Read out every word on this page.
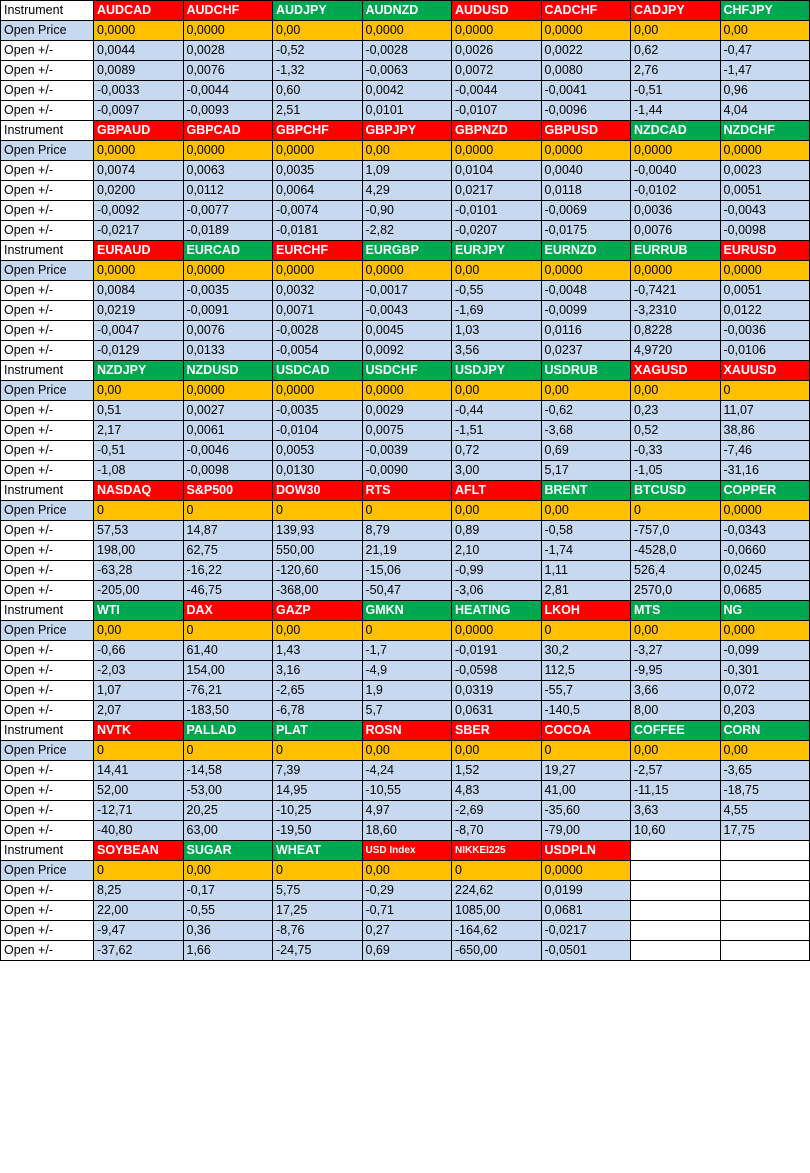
Instrument	AUDCAD	AUDCHF	AUDJPY	AUDNZD	AUDUSD	CADCHF	CADJPY	CHFJPY
Open Price	0,0000	0,0000	0,00	0,0000	0,0000	0,0000	0,00	0,00
Open +/-	0,0044	0,0028	-0,52	-0,0028	0,0026	0,0022	0,62	-0,47
Open +/-	0,0089	0,0076	-1,32	-0,0063	0,0072	0,0080	2,76	-1,47
Open +/-	-0,0033	-0,0044	0,60	0,0042	-0,0044	-0,0041	-0,51	0,96
Open +/-	-0,0097	-0,0093	2,51	0,0101	-0,0107	-0,0096	-1,44	4,04
Instrument	GBPAUD	GBPCAD	GBPCHF	GBPJPY	GBPNZD	GBPUSD	NZDCAD	NZDCHF
Open Price	0,0000	0,0000	0,0000	0,00	0,0000	0,0000	0,0000	0,0000
Open +/-	0,0074	0,0063	0,0035	1,09	0,0104	0,0040	-0,0040	0,0023
Open +/-	0,0200	0,0112	0,0064	4,29	0,0217	0,0118	-0,0102	0,0051
Open +/-	-0,0092	-0,0077	-0,0074	-0,90	-0,0101	-0,0069	0,0036	-0,0043
Open +/-	-0,0217	-0,0189	-0,0181	-2,82	-0,0207	-0,0175	0,0076	-0,0098
Instrument	EURAUD	EURCAD	EURCHF	EURGBP	EURJPY	EURNZD	EURRUB	EURUSD
Open Price	0,0000	0,0000	0,0000	0,0000	0,00	0,0000	0,0000	0,0000
Open +/-	0,0084	-0,0035	0,0032	-0,0017	-0,55	-0,0048	-0,7421	0,0051
Open +/-	0,0219	-0,0091	0,0071	-0,0043	-1,69	-0,0099	-3,2310	0,0122
Open +/-	-0,0047	0,0076	-0,0028	0,0045	1,03	0,0116	0,8228	-0,0036
Open +/-	-0,0129	0,0133	-0,0054	0,0092	3,56	0,0237	4,9720	-0,0106
Instrument	NZDJPY	NZDUSD	USDCAD	USDCHF	USDJPY	USDRUB	XAGUSD	XAUUSD
Open Price	0,00	0,0000	0,0000	0,0000	0,00	0,00	0,00	0
Open +/-	0,51	0,0027	-0,0035	0,0029	-0,44	-0,62	0,23	11,07
Open +/-	2,17	0,0061	-0,0104	0,0075	-1,51	-3,68	0,52	38,86
Open +/-	-0,51	-0,0046	0,0053	-0,0039	0,72	0,69	-0,33	-7,46
Open +/-	-1,08	-0,0098	0,0130	-0,0090	3,00	5,17	-1,05	-31,16
Instrument	NASDAQ	S&P500	DOW30	RTS	AFLT	BRENT	BTCUSD	COPPER
Open Price	0	0	0	0	0,00	0,00	0	0,0000
Open +/-	57,53	14,87	139,93	8,79	0,89	-0,58	-757,0	-0,0343
Open +/-	198,00	62,75	550,00	21,19	2,10	-1,74	-4528,0	-0,0660
Open +/-	-63,28	-16,22	-120,60	-15,06	-0,99	1,11	526,4	0,0245
Open +/-	-205,00	-46,75	-368,00	-50,47	-3,06	2,81	2570,0	0,0685
Instrument	WTI	DAX	GAZP	GMKN	HEATING	LKOH	MTS	NG
Open Price	0,00	0	0,00	0	0,0000	0	0,00	0,000
Open +/-	-0,66	61,40	1,43	-1,7	-0,0191	30,2	-3,27	-0,099
Open +/-	-2,03	154,00	3,16	-4,9	-0,0598	112,5	-9,95	-0,301
Open +/-	1,07	-76,21	-2,65	1,9	0,0319	-55,7	3,66	0,072
Open +/-	2,07	-183,50	-6,78	5,7	0,0631	-140,5	8,00	0,203
Instrument	NVTK	PALLAD	PLAT	ROSN	SBER	COCOA	COFFEE	CORN
Open Price	0	0	0	0,00	0,00	0	0,00	0,00
Open +/-	14,41	-14,58	7,39	-4,24	1,52	19,27	-2,57	-3,65
Open +/-	52,00	-53,00	14,95	-10,55	4,83	41,00	-11,15	-18,75
Open +/-	-12,71	20,25	-10,25	4,97	-2,69	-35,60	3,63	4,55
Open +/-	-40,80	63,00	-19,50	18,60	-8,70	-79,00	10,60	17,75
Instrument	SOYBEAN	SUGAR	WHEAT	USD Index	NIKKEI225	USDPLN		
Open Price	0	0,00	0	0,00	0	0,0000		
Open +/-	8,25	-0,17	5,75	-0,29	224,62	0,0199		
Open +/-	22,00	-0,55	17,25	-0,71	1085,00	0,0681		
Open +/-	-9,47	0,36	-8,76	0,27	-164,62	-0,0217		
Open +/-	-37,62	1,66	-24,75	0,69	-650,00	-0,0501		
